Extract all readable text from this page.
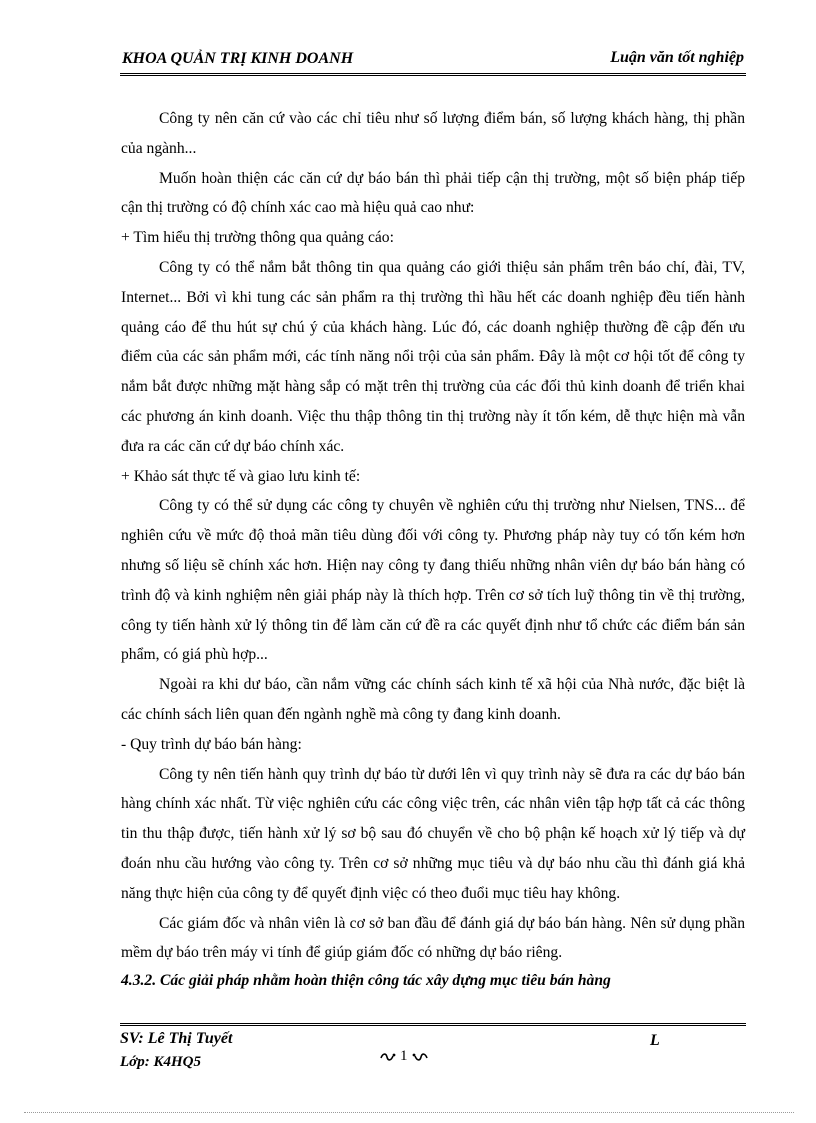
KHOA QUẢN TRỊ KINH DOANH	Luận văn tốt nghiệp

Công ty nên căn cứ vào các chỉ tiêu như số lượng điểm bán, số lượng khách hàng, thị phần của ngành...

Muốn hoàn thiện các căn cứ dự báo bán thì phải tiếp cận thị trường, một số biện pháp tiếp cận thị trường có độ chính xác cao mà hiệu quả cao như:

+ Tìm hiểu thị trường thông qua quảng cáo:

Công ty có thể nắm bắt thông tin qua quảng cáo giới thiệu sản phẩm trên báo chí, đài, TV, Internet... Bởi vì khi tung các sản phẩm ra thị trường thì hầu hết các doanh nghiệp đều tiến hành quảng cáo để thu hút sự chú ý của khách hàng. Lúc đó, các doanh nghiệp thường đề cập đến ưu điểm của các sản phẩm mới, các tính năng nổi trội của sản phẩm. Đây là một cơ hội tốt để công ty nắm bắt được những mặt hàng sắp có mặt trên thị trường của các đối thủ kinh doanh để triển khai các phương án kinh doanh. Việc thu thập thông tin thị trường này ít tốn kém, dễ thực hiện mà vẫn đưa ra các căn cứ dự báo chính xác.

+ Khảo sát thực tế và giao lưu kinh tế:

Công ty có thể sử dụng các công ty chuyên về nghiên cứu thị trường như Nielsen, TNS... để nghiên cứu về mức độ thoả mãn tiêu dùng đối với công ty. Phương pháp này tuy có tốn kém hơn nhưng số liệu sẽ chính xác hơn. Hiện nay công ty đang thiếu những nhân viên dự báo bán hàng có trình độ và kinh nghiệm nên giải pháp này là thích hợp. Trên cơ sở tích luỹ thông tin về thị trường, công ty tiến hành xử lý thông tin để làm căn cứ đề ra các quyết định như tổ chức các điểm bán sản phẩm, có giá phù hợp...

Ngoài ra khi dư báo, cần nắm vững các chính sách kinh tế xã hội của Nhà nước, đặc biệt là các chính sách liên quan đến ngành nghề mà công ty đang kinh doanh.

- Quy trình dự báo bán hàng:

Công ty nên tiến hành quy trình dự báo từ dưới lên vì quy trình này sẽ đưa ra các dự báo bán hàng chính xác nhất. Từ việc nghiên cứu các công việc trên, các nhân viên tập hợp tất cả các thông tin thu thập được, tiến hành xử lý sơ bộ sau đó chuyển về cho bộ phận kế hoạch xử lý tiếp và dự đoán nhu cầu hướng vào công ty. Trên cơ sở những mục tiêu và dự báo nhu cầu thì đánh giá khả năng thực hiện của công ty để quyết định việc có theo đuổi mục tiêu hay không.

Các giám đốc và nhân viên là cơ sở ban đầu để đánh giá dự báo bán hàng. Nên sử dụng phần mềm dự báo trên máy vi tính để giúp giám đốc có những dự báo riêng.

4.3.2. Các giải pháp nhằm hoàn thiện công tác xây dựng mục tiêu bán hàng

SV: Lê Thị Tuyết
Lớp: K4HQ5
L
1
